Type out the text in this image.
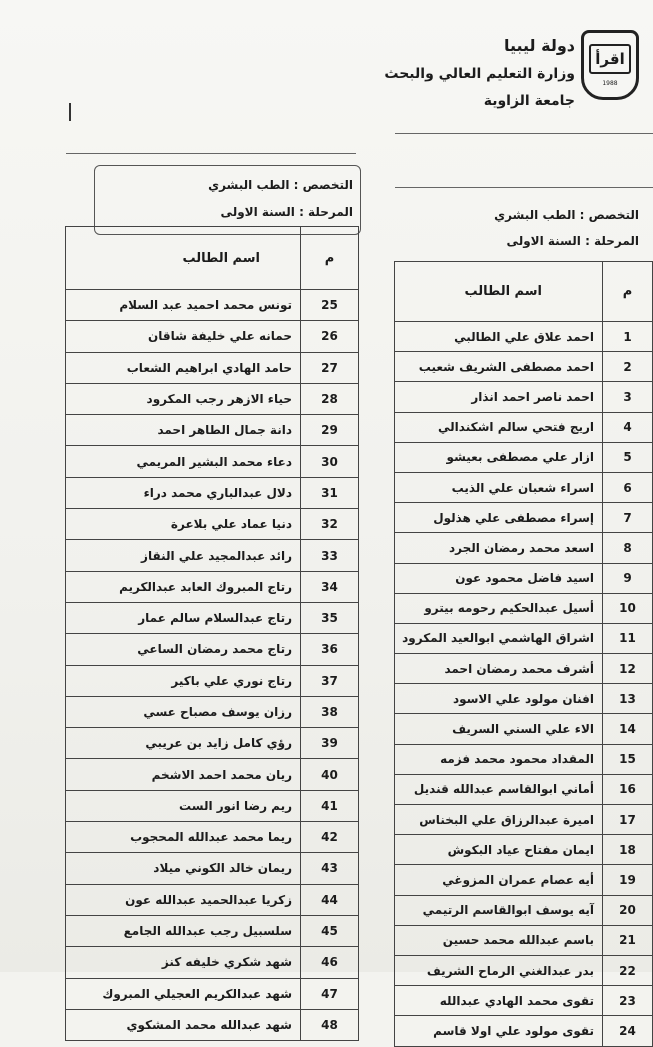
دولة ليبيا
وزارة التعليم العالي والبحث
جامعة الزاوية
اقرأ
1988
التخصص : الطب البشري
المرحلة : السنة الاولى	التخصص : الطب البشري
المرحلة : السنة الاولى
اسم الطالب	م
تونس محمد احميد عبد السلام	25
حمانه علي خليفة شاقان	26
حامد الهادي ابراهيم الشعاب	27
حياء الازهر رجب المكرود	28
دانة جمال الطاهر احمد	29
دعاء محمد البشير المريمي	30
دلال عبدالباري محمد دراء	31
دنيا عماد علي بلاعرة	32
رائد عبدالمجيد علي النقاز	33
رتاج المبروك العابد عبدالكريم	34
رتاج عبدالسلام سالم عمار	35
رتاج محمد رمضان الساعي	36
رتاج نوري علي باكير	37
رزان يوسف مصباح عسي	38
رؤي كامل زايد بن عريبي	39
ريان محمد احمد الاشخم	40
ريم رضا انور الست	41
ريما محمد عبدالله المحجوب	42
ريمان خالد الكوني ميلاد	43
زكريا عبدالحميد عبدالله عون	44
سلسبيل رجب عبدالله الجامع	45
شهد شكري خليفه كنز	46
شهد عبدالكريم العجيلي المبروك	47
شهد عبدالله محمد المشكوي	48
اسم الطالب	م
احمد علاق علي الطالبي	1
احمد مصطفى الشريف شعيب	2
احمد ناصر احمد انذار	3
اريج فتحي سالم اشكندالي	4
ازار علي مصطفى بعيشو	5
اسراء شعبان علي الذيب	6
إسراء مصطفى علي هذلول	7
اسعد محمد رمضان الجرد	8
اسيد فاضل محمود عون	9
أسيل عبدالحكيم رحومه بيترو	10
اشراق الهاشمي ابوالعيد المكرود	11
أشرف محمد رمضان احمد	12
افنان مولود علي الاسود	13
الاء علي السني السريف	14
المقداد محمود محمد فزمه	15
أماني ابوالقاسم عبدالله قنديل	16
اميرة عبدالرزاق علي البخناس	17
ايمان مفتاح عياد البكوش	18
أيه عصام عمران المزوغي	19
آيه يوسف ابوالقاسم الرتيمي	20
باسم عبدالله محمد حسين	21
بدر عبدالغني الرماح الشريف	22
تقوى محمد الهادي عبدالله	23
تقوى مولود علي اولا قاسم	24
